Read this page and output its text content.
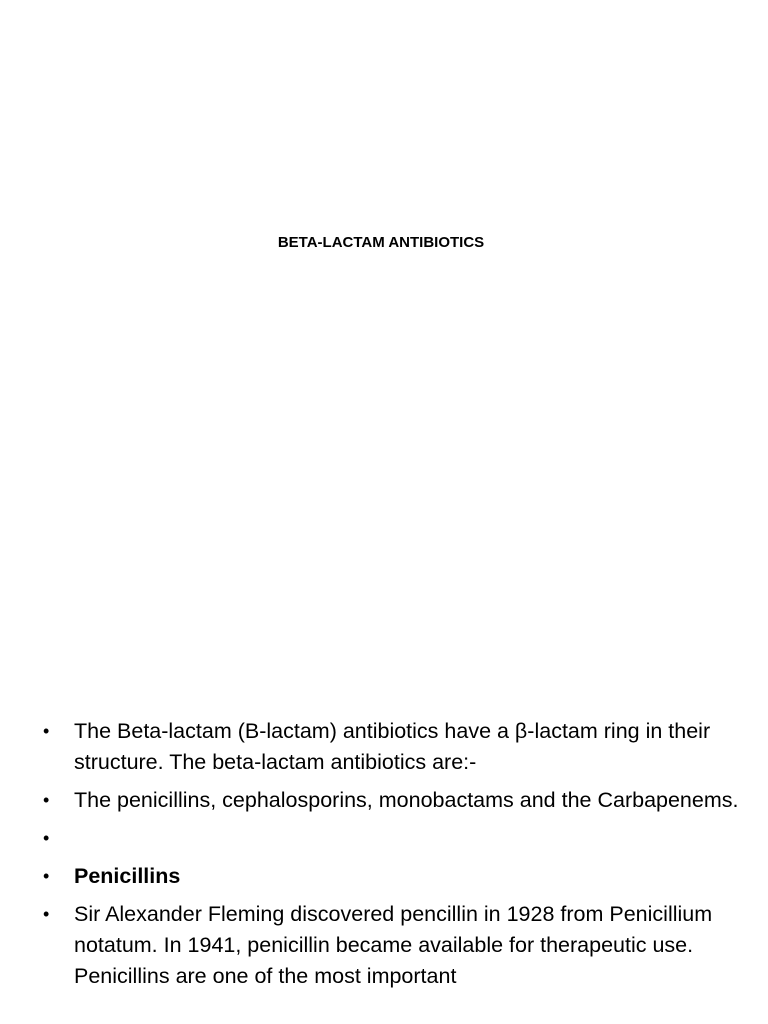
BETA-LACTAM ANTIBIOTICS
• The Beta-lactam (B-lactam) antibiotics have a β-lactam ring in their structure. The beta-lactam antibiotics are:-
• The penicillins, cephalosporins, monobactams and the Carbapenems.
•
• Penicillins
• Sir Alexander Fleming discovered pencillin in 1928 from Penicillium notatum. In 1941, penicillin became available for therapeutic use. Penicillins are one of the most important
